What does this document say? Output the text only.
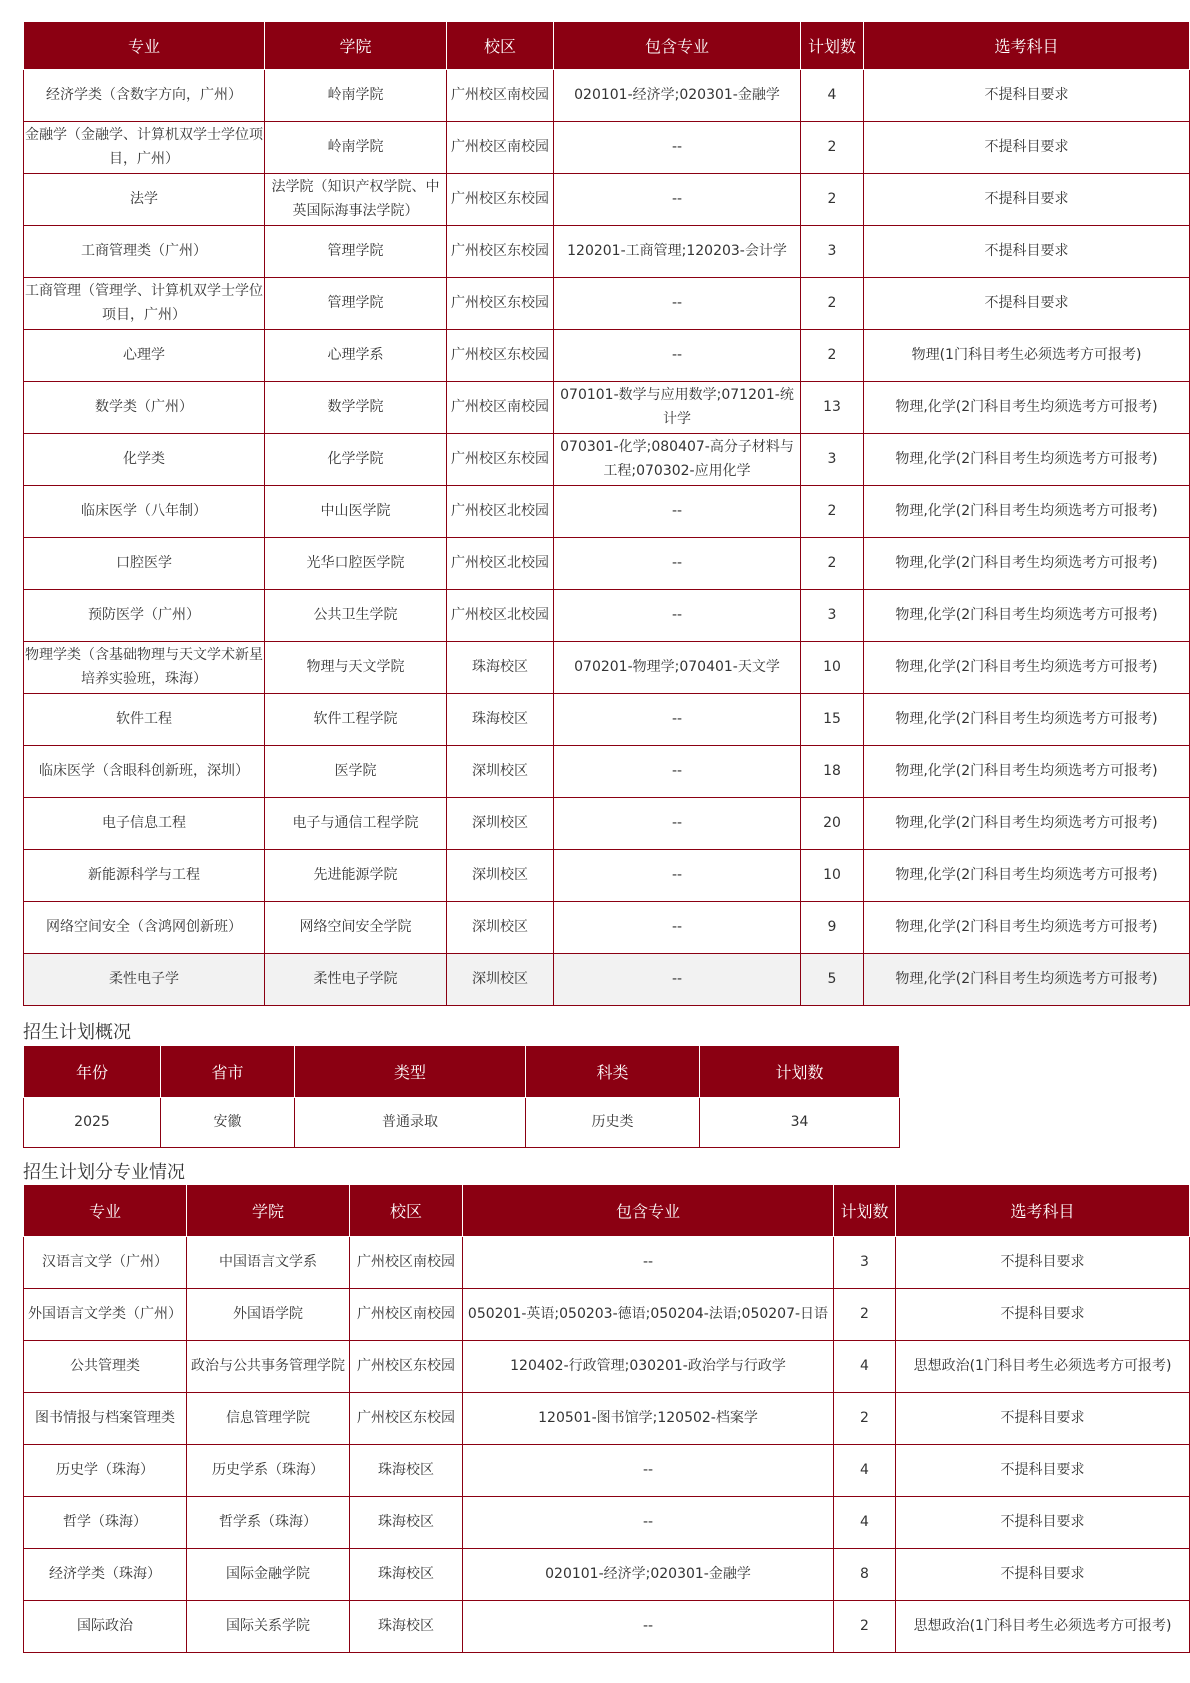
专业	学院	校区	包含专业	计划数	选考科目
经济学类（含数字方向，广州）	岭南学院	广州校区南校园	020101-经济学;020301-金融学	4	不提科目要求
金融学（金融学、计算机双学士学位项目，广州）	岭南学院	广州校区南校园	--	2	不提科目要求
法学	法学院（知识产权学院、中英国际海事法学院）	广州校区东校园	--	2	不提科目要求
工商管理类（广州）	管理学院	广州校区东校园	120201-工商管理;120203-会计学	3	不提科目要求
工商管理（管理学、计算机双学士学位项目，广州）	管理学院	广州校区东校园	--	2	不提科目要求
心理学	心理学系	广州校区东校园	--	2	物理(1门科目考生必须选考方可报考)
数学类（广州）	数学学院	广州校区南校园	070101-数学与应用数学;071201-统计学	13	物理,化学(2门科目考生均须选考方可报考)
化学类	化学学院	广州校区东校园	070301-化学;080407-高分子材料与工程;070302-应用化学	3	物理,化学(2门科目考生均须选考方可报考)
临床医学（八年制）	中山医学院	广州校区北校园	--	2	物理,化学(2门科目考生均须选考方可报考)
口腔医学	光华口腔医学院	广州校区北校园	--	2	物理,化学(2门科目考生均须选考方可报考)
预防医学（广州）	公共卫生学院	广州校区北校园	--	3	物理,化学(2门科目考生均须选考方可报考)
物理学类（含基础物理与天文学术新星培养实验班，珠海）	物理与天文学院	珠海校区	070201-物理学;070401-天文学	10	物理,化学(2门科目考生均须选考方可报考)
软件工程	软件工程学院	珠海校区	--	15	物理,化学(2门科目考生均须选考方可报考)
临床医学（含眼科创新班，深圳）	医学院	深圳校区	--	18	物理,化学(2门科目考生均须选考方可报考)
电子信息工程	电子与通信工程学院	深圳校区	--	20	物理,化学(2门科目考生均须选考方可报考)
新能源科学与工程	先进能源学院	深圳校区	--	10	物理,化学(2门科目考生均须选考方可报考)
网络空间安全（含鸿网创新班）	网络空间安全学院	深圳校区	--	9	物理,化学(2门科目考生均须选考方可报考)
柔性电子学	柔性电子学院	深圳校区	--	5	物理,化学(2门科目考生均须选考方可报考)
招生计划概况
年份	省市	类型	科类	计划数
2025	安徽	普通录取	历史类	34
招生计划分专业情况
专业	学院	校区	包含专业	计划数	选考科目
汉语言文学（广州）	中国语言文学系	广州校区南校园	--	3	不提科目要求
外国语言文学类（广州）	外国语学院	广州校区南校园	050201-英语;050203-德语;050204-法语;050207-日语	2	不提科目要求
公共管理类	政治与公共事务管理学院	广州校区东校园	120402-行政管理;030201-政治学与行政学	4	思想政治(1门科目考生必须选考方可报考)
图书情报与档案管理类	信息管理学院	广州校区东校园	120501-图书馆学;120502-档案学	2	不提科目要求
历史学（珠海）	历史学系（珠海）	珠海校区	--	4	不提科目要求
哲学（珠海）	哲学系（珠海）	珠海校区	--	4	不提科目要求
经济学类（珠海）	国际金融学院	珠海校区	020101-经济学;020301-金融学	8	不提科目要求
国际政治	国际关系学院	珠海校区	--	2	思想政治(1门科目考生必须选考方可报考)
